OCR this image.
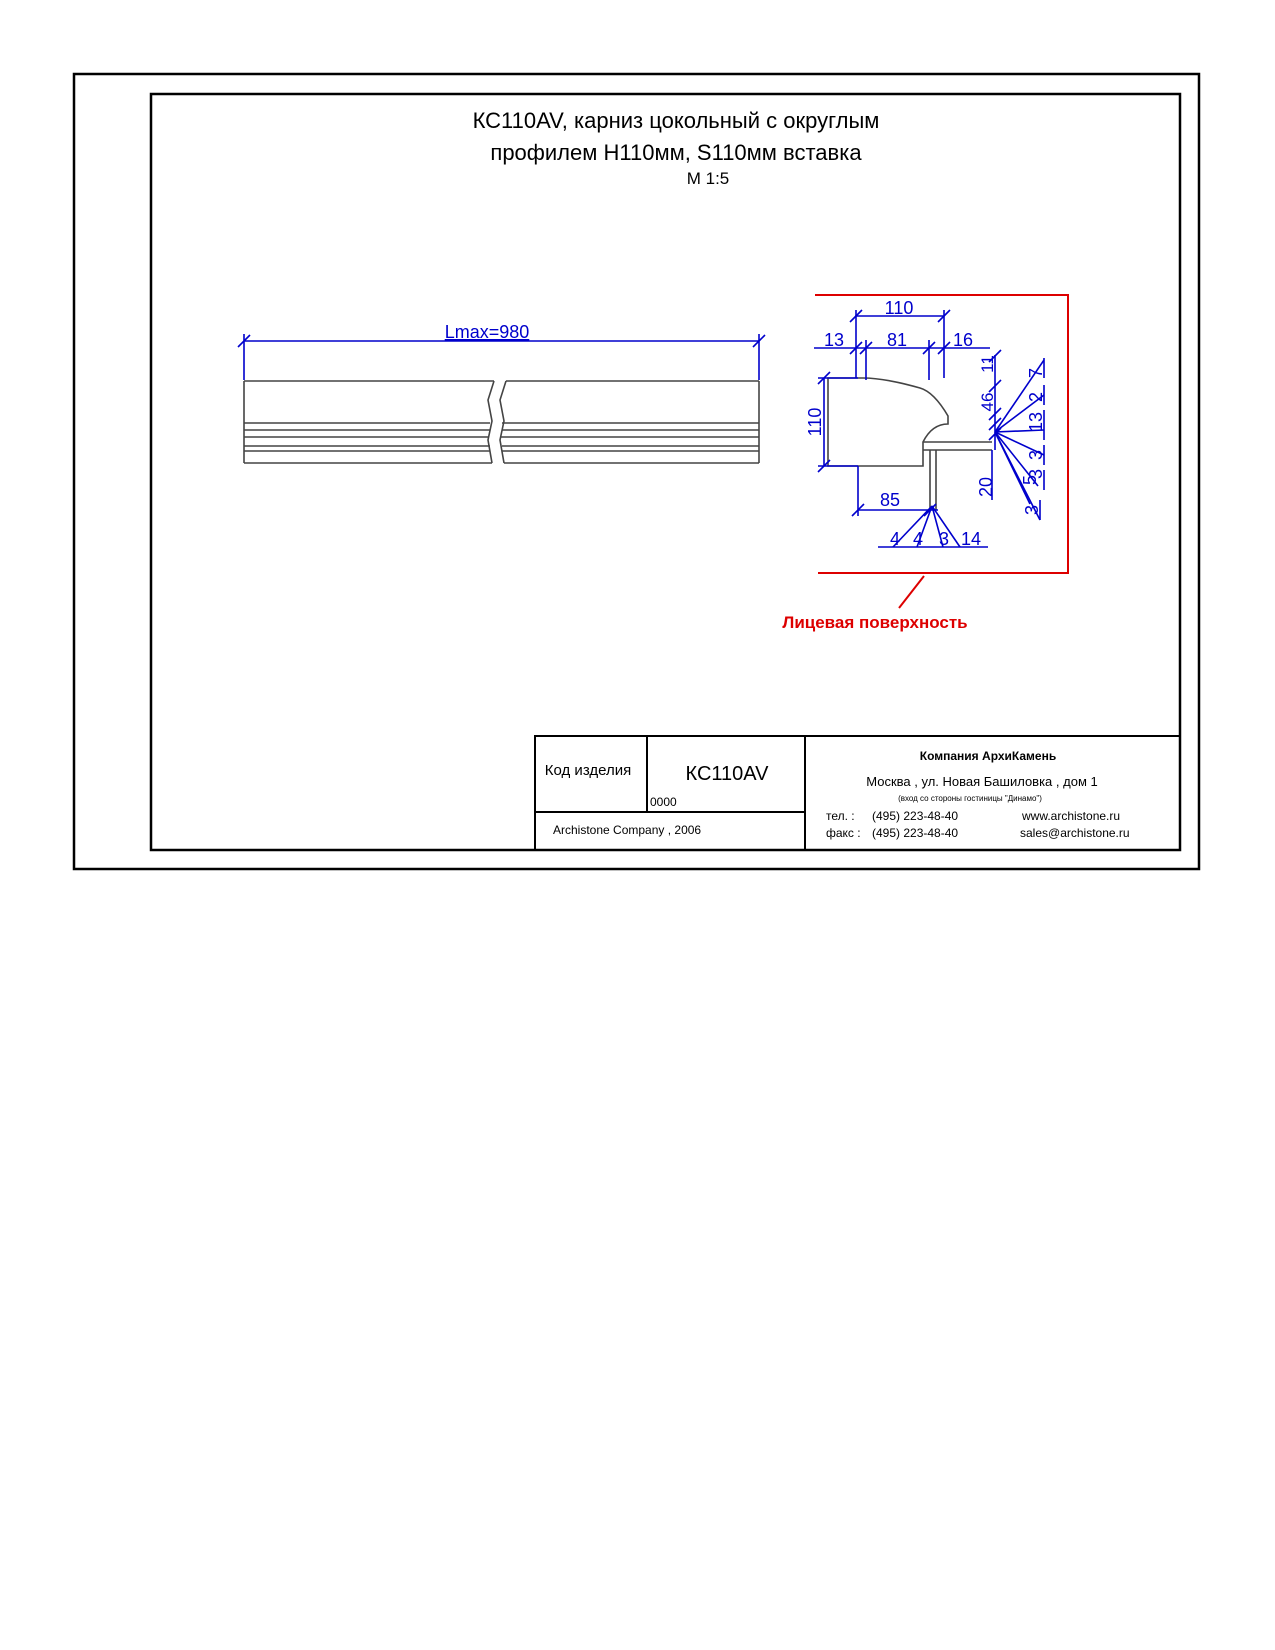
КС110AV, карниз цокольный с округлым
профилем Н110мм, S110мм вставка
М 1:5
Lmax=980
110
13 81	16
110
11
46
7
2
13
3
3
5
3
20
85
4 4 3 14
Лицевая поверхность
Код изделия	КС110AV
0000
Archistone Company , 2006
Компания АрхиКамень
Москва , ул. Новая Башиловка , дом 1
(вход со стороны гостиницы "Динамо")
тел. : (495) 223-48-40
факс : (495) 223-48-40
www.archistone.ru
sales@archistone.ru
